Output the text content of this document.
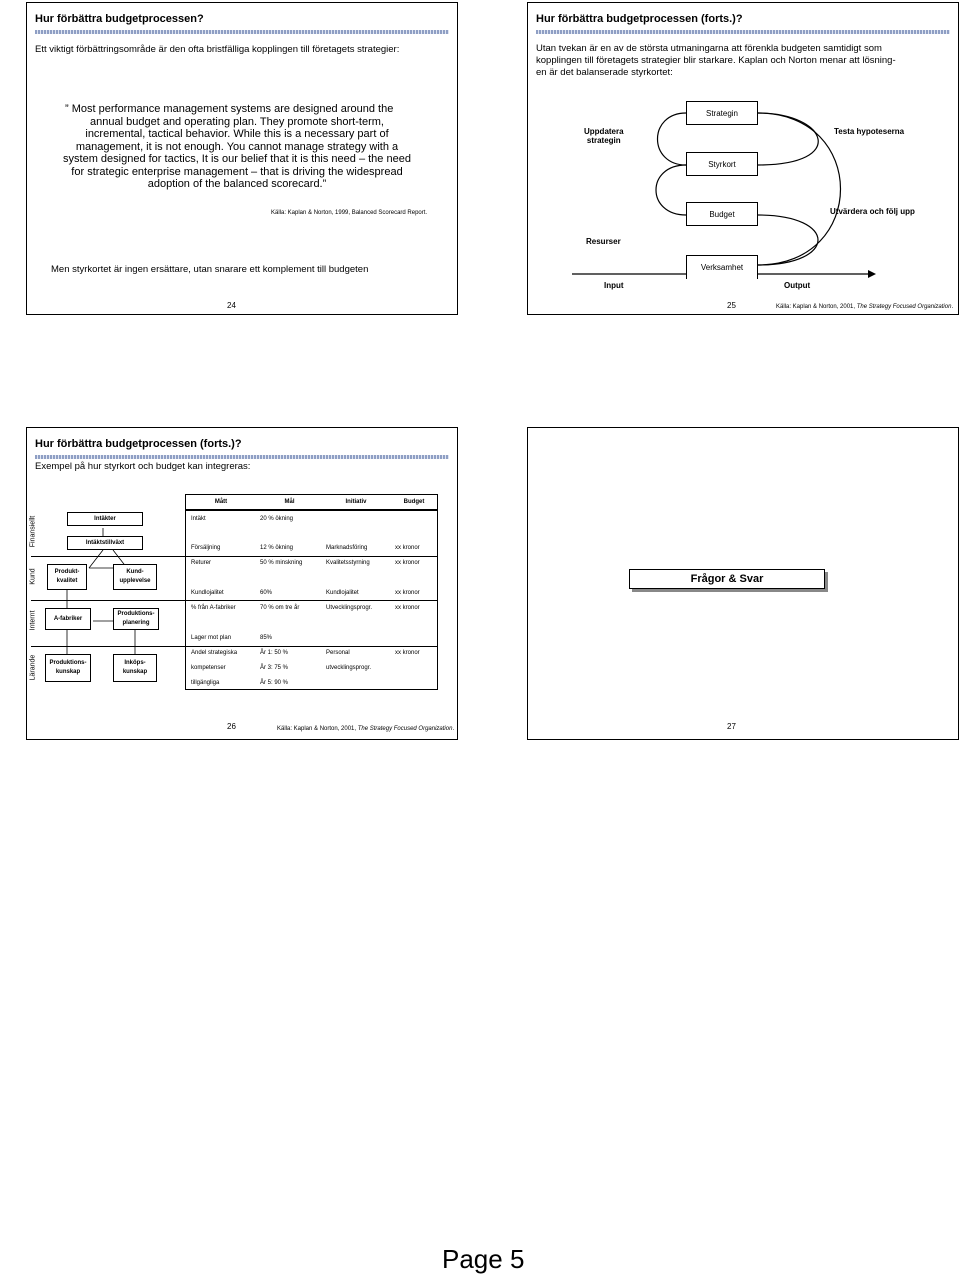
Hur förbättra budgetprocessen?
Ett viktigt förbättringsområde är den ofta bristfälliga kopplingen till företagets strategier:
” Most performance management systems are designed around the
annual budget and operating plan. They promote short-term,
incremental, tactical behavior. While this is a necessary part of
management, it is not enough. You cannot manage strategy with a
system designed for tactics, It is our belief that it is this need – the need
for strategic enterprise management – that is driving the widespread
adoption of the balanced scorecard.”
Källa: Kaplan & Norton, 1999, Balanced Scorecard Report.
Men styrkortet är ingen ersättare, utan snarare ett komplement till budgeten
24
Hur förbättra budgetprocessen (forts.)?
Utan tvekan är en av de största utmaningarna att förenkla budgeten samtidigt som
kopplingen till företagets strategier blir starkare. Kaplan och Norton menar att lösning-
en är det balanserade styrkortet:
Strategin
Styrkort
Budget
Verksamhet
Uppdatera
strategin
Testa hypoteserna
Utvärdera och följ upp
Resurser
Input	Output
25	Källa: Kaplan & Norton, 2001, The Strategy Focused Organization.
Hur förbättra budgetprocessen (forts.)?
Exempel på hur styrkort och budget kan integreras:
Mått	Mål	Initiativ	Budget
Finansiellt
Kund
Internt
Lärande
Intäkter
Intäktstillväxt
Produkt-
kvalitet
Kund-
upplevelse
A-fabriker
Produktions-
planering
Produktions-
kunskap
Inköps-
kunskap
Intäkt	20 % ökning
Försäljning	12 % ökning	Marknadsföring	xx kronor
Returer	50 % minskning	Kvalitetsstyrning	xx kronor
Kundlojalitet	60%	Kundlojalitet	xx kronor
% från A-fabriker	70 % om tre år	Utvecklingsprogr.	xx kronor
Lager mot plan	85%
Andel strategiska	År 1: 50 %	Personal	xx kronor
kompetenser	År 3: 75 %	utvecklingsprogr.
tillgängliga	År 5: 90 %
26	Källa: Kaplan & Norton, 2001, The Strategy Focused Organization.
Frågor & Svar
27
Page 5
